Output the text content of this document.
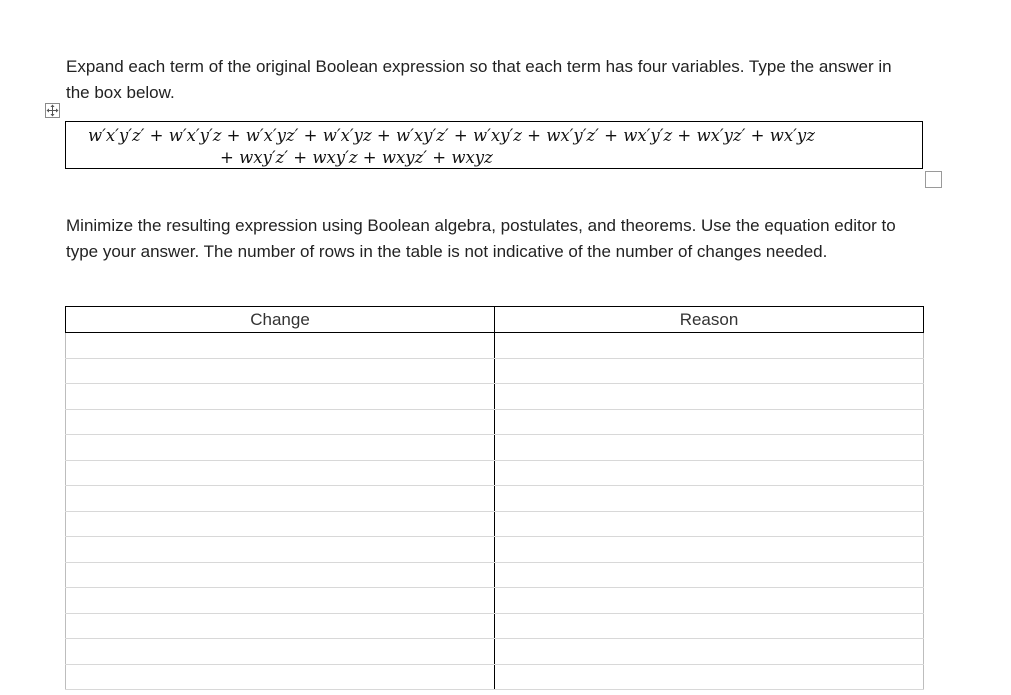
Expand each term of the original Boolean expression so that each term has four variables. Type the answer in the box below.

w′x′y′z′ + w′x′y′z + w′x′yz′ + w′x′yz + w′xy′z′ + w′xy′z + wx′y′z′ + wx′y′z + wx′yz′ + wx′yz
+ wxy′z′ + wxy′z + wxyz′ + wxyz

Minimize the resulting expression using Boolean algebra, postulates, and theorems. Use the equation editor to type your answer. The number of rows in the table is not indicative of the number of changes needed.

Change	Reason
